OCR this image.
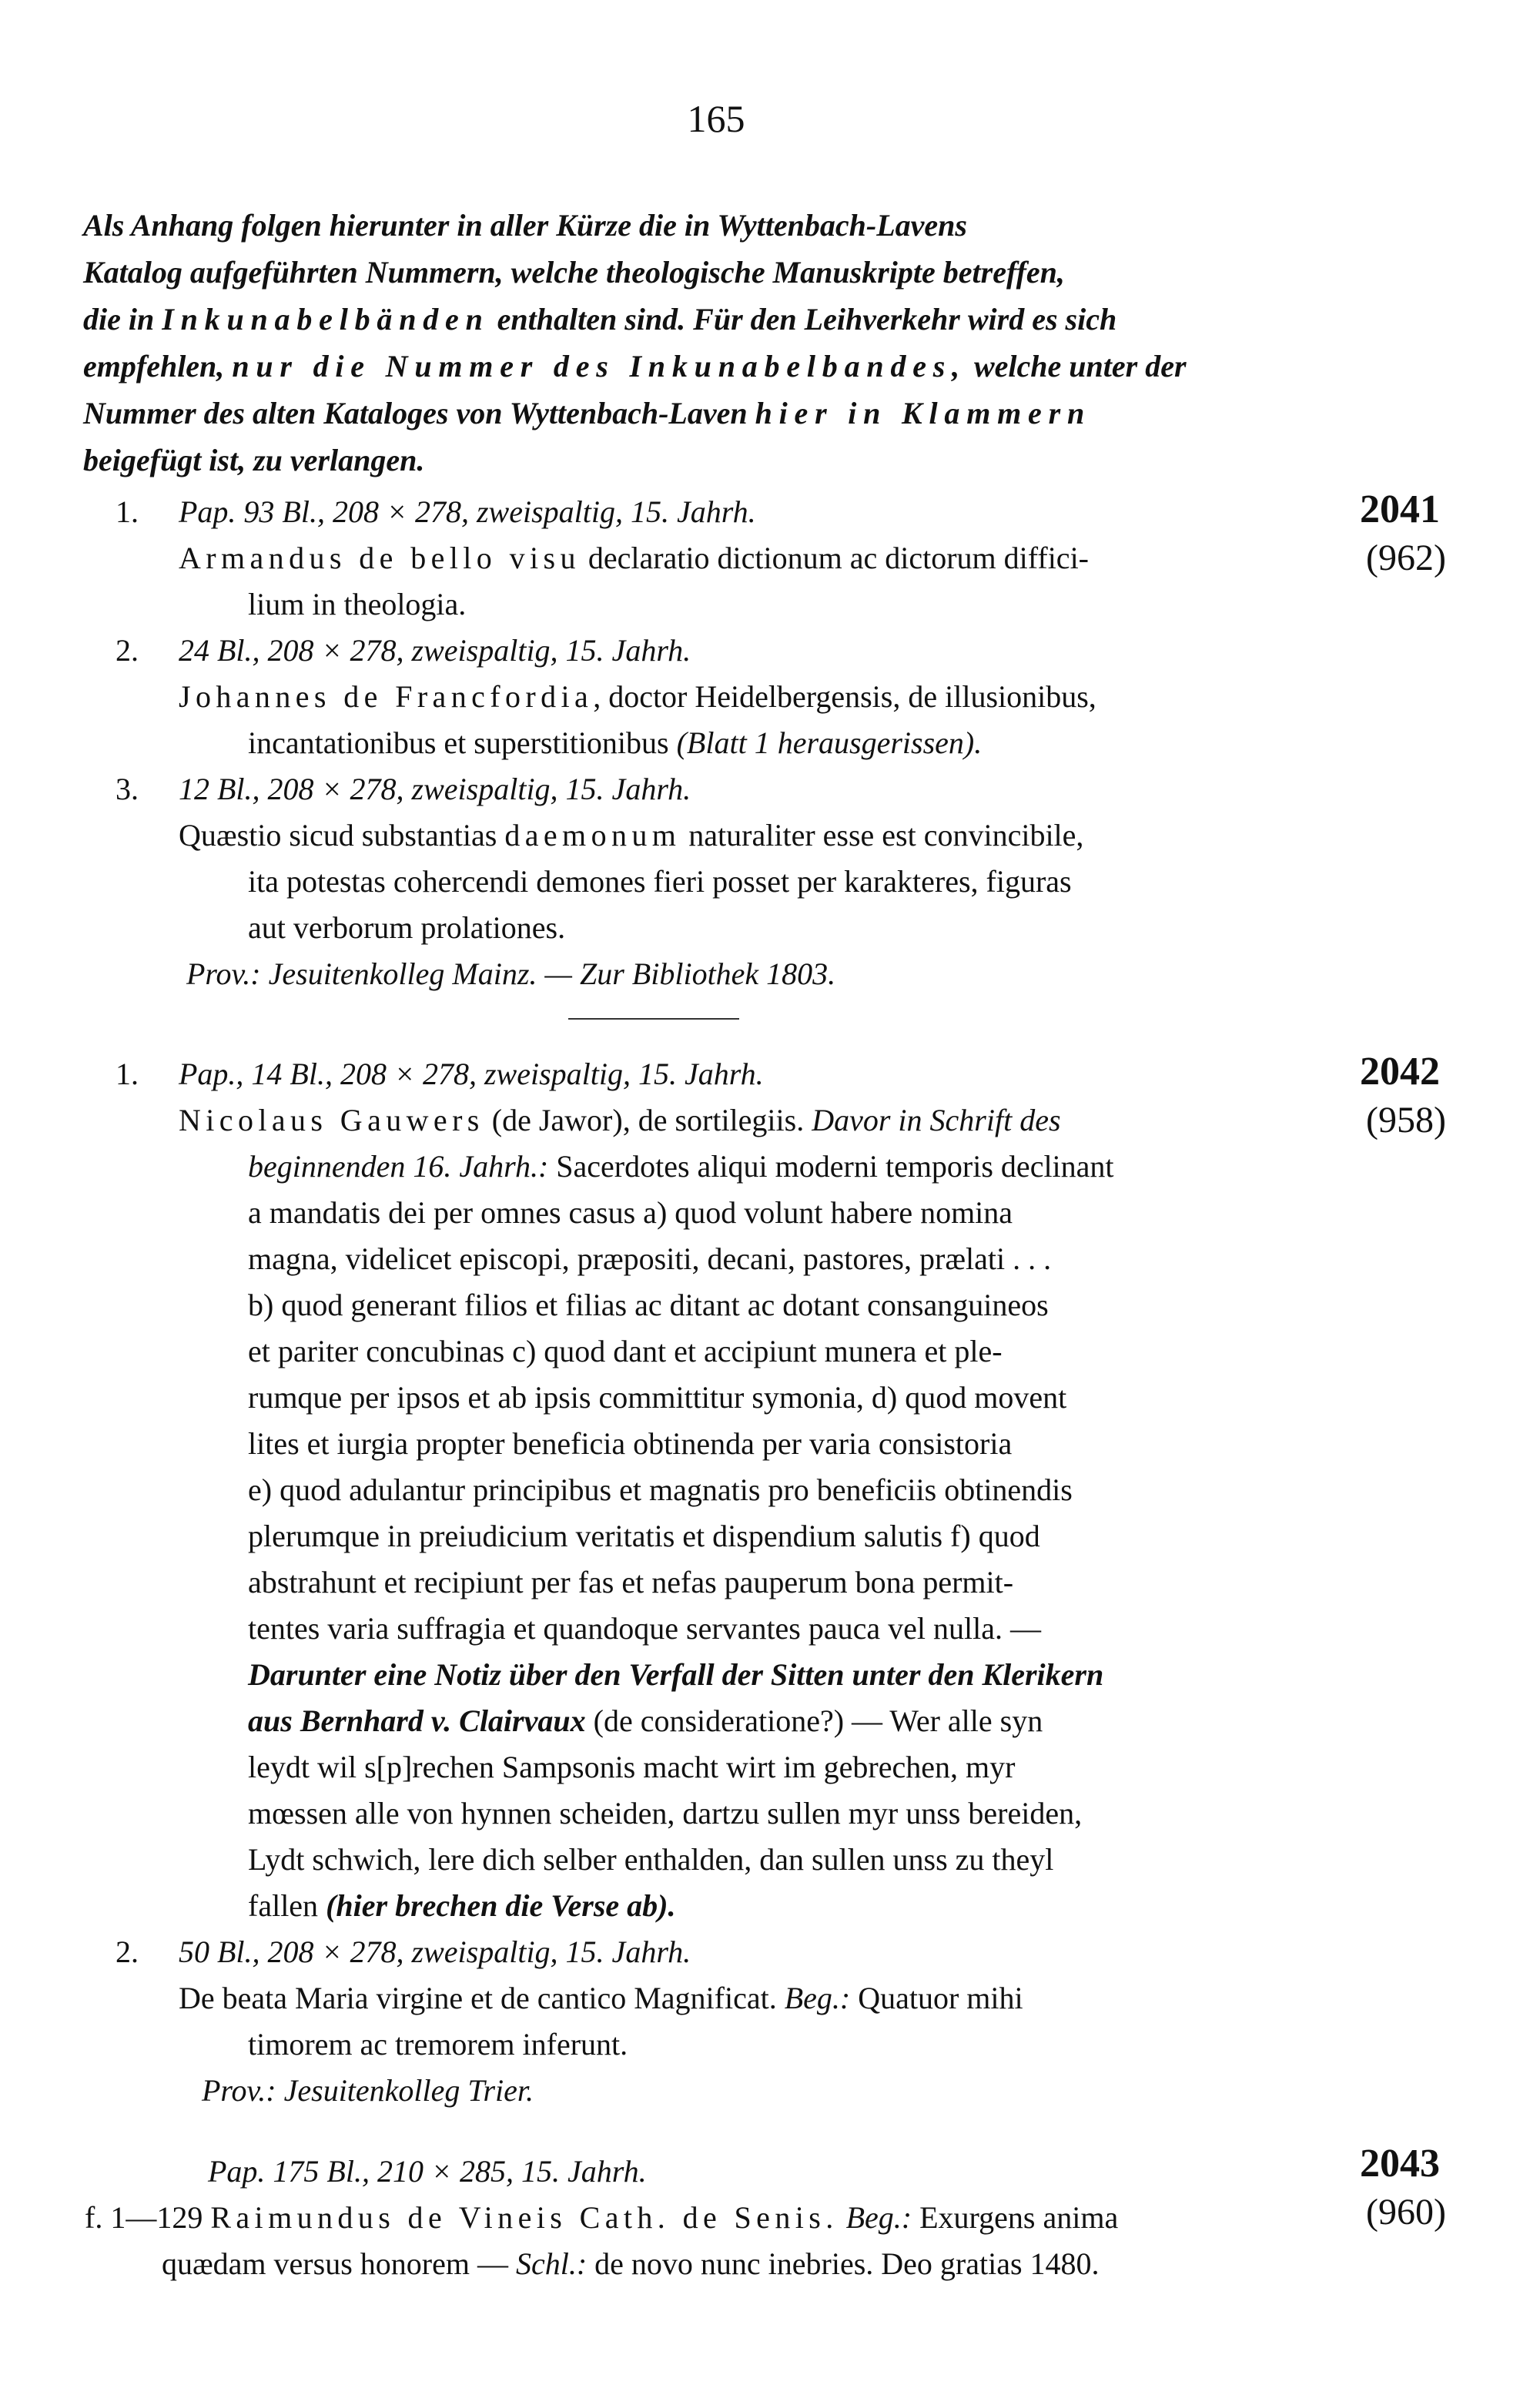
165
Als Anhang folgen hierunter in aller Kürze die in Wyttenbach-Lavens
Katalog aufgeführten Nummern, welche theologische Manuskripte betreffen,
die in Inkunabelbänden enthalten sind. Für den Leihverkehr wird es sich
empfehlen, nur die Nummer des Inkunabelbandes, welche unter der
Nummer des alten Kataloges von Wyttenbach-Laven hier in Klammern
beigefügt ist, zu verlangen.
2041
(962)
1. Pap. 93 Bl., 208 × 278, zweispaltig, 15. Jahrh.
Armandus de bello visu declaratio dictionum ac dictorum diffici-
lium in theologia.
2. 24 Bl., 208 × 278, zweispaltig, 15. Jahrh.
Johannes de Francfordia, doctor Heidelbergensis, de illusionibus,
incantationibus et superstitionibus (Blatt 1 herausgerissen).
3. 12 Bl., 208 × 278, zweispaltig, 15. Jahrh.
Quæstio sicud substantias daemonum naturaliter esse est convincibile,
ita potestas cohercendi demones fieri posset per karakteres, figuras
aut verborum prolationes.
Prov.: Jesuitenkolleg Mainz. — Zur Bibliothek 1803.
2042
(958)
1. Pap., 14 Bl., 208 × 278, zweispaltig, 15. Jahrh.
Nicolaus Gauwers (de Jawor), de sortilegiis. Davor in Schrift des
beginnenden 16. Jahrh.: Sacerdotes aliqui moderni temporis declinant
a mandatis dei per omnes casus a) quod volunt habere nomina
magna, videlicet episcopi, præpositi, decani, pastores, prælati . . .
b) quod generant filios et filias ac ditant ac dotant consanguineos
et pariter concubinas c) quod dant et accipiunt munera et ple-
rumque per ipsos et ab ipsis committitur symonia, d) quod movent
lites et iurgia propter beneficia obtinenda per varia consistoria
e) quod adulantur principibus et magnatis pro beneficiis obtinendis
plerumque in preiudicium veritatis et dispendium salutis f) quod
abstrahunt et recipiunt per fas et nefas pauperum bona permit-
tentes varia suffragia et quandoque servantes pauca vel nulla. —
Darunter eine Notiz über den Verfall der Sitten unter den Klerikern
aus Bernhard v. Clairvaux (de consideratione?) — Wer alle syn
leydt wil s[p]rechen Sampsonis macht wirt im gebrechen, myr
mœssen alle von hynnen scheiden, dartzu sullen myr unss bereiden,
Lydt schwich, lere dich selber enthalden, dan sullen unss zu theyl
fallen (hier brechen die Verse ab).
2. 50 Bl., 208 × 278, zweispaltig, 15. Jahrh.
De beata Maria virgine et de cantico Magnificat. Beg.: Quatuor mihi
timorem ac tremorem inferunt.
Prov.: Jesuitenkolleg Trier.
2043
(960)
Pap. 175 Bl., 210 × 285, 15. Jahrh.
f. 1—129 Raimundus de Vineis Cath. de Senis. Beg.: Exurgens anima
quædam versus honorem — Schl.: de novo nunc inebries. Deo gratias 1480.
